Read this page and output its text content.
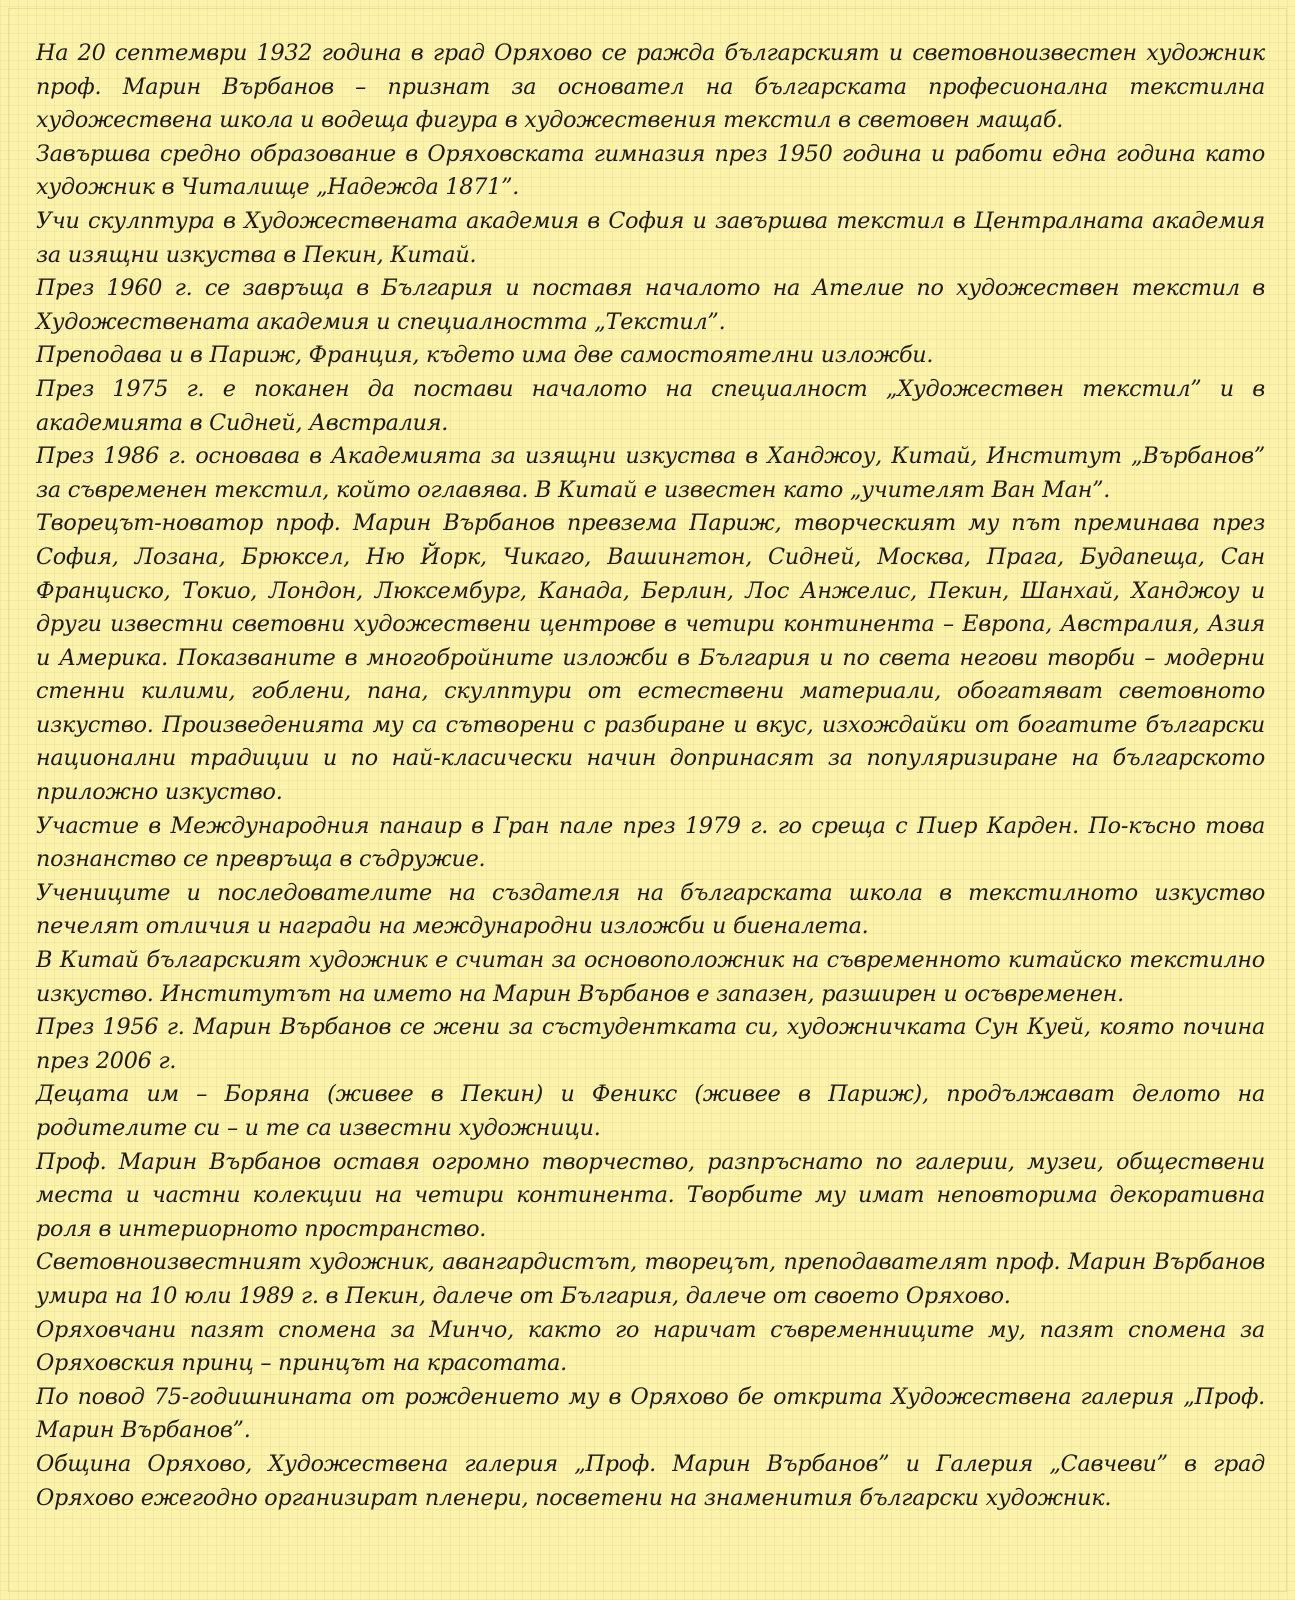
На 20 септември 1932 година в град Оряхово се ражда българският и световноизвестен художник проф. Марин Върбанов – признат за основател на българската професионална текстилна художествена школа и водеща фигура в художествения текстил в световен мащаб.

Завършва средно образование в Оряховската гимназия през 1950 година и работи една година като художник в Читалище „Надежда 1871”.

Учи скулптура в Художествената академия в София и завършва текстил в Централната академия за изящни изкуства в Пекин, Китай.

През 1960 г. се завръща в България и поставя началото на Ателие по художествен текстил в Художествената академия и специалността „Текстил”.

Преподава и в Париж, Франция, където има две самостоятелни изложби.

През 1975 г. е поканен да постави началото на специалност „Художествен текстил” и в академията в Сидней, Австралия.

През 1986 г. основава в Академията за изящни изкуства в Ханджоу, Китай, Институт „Върбанов” за съвременен текстил, който оглавява. В Китай е известен като „учителят Ван Ман”.

Творецът-новатор проф. Марин Върбанов превзема Париж, творческият му път преминава през София, Лозана, Брюксел, Ню Йорк, Чикаго, Вашингтон, Сидней, Москва, Прага, Будапеща, Сан Франциско, Токио, Лондон, Люксембург, Канада, Берлин, Лос Анжелис, Пекин, Шанхай, Ханджоу и други известни световни художествени центрове в четири континента – Европа, Австралия, Азия и Америка. Показваните в многобройните изложби в България и по света негови творби – модерни стенни килими, гоблени, пана, скулптури от естествени материали, обогатяват световното изкуство. Произведенията му са сътворени с разбиране и вкус, изхождайки от богатите български национални традиции и по най-класически начин допринасят за популяризиране на българското приложно изкуство.

Участие в Международния панаир в Гран пале през 1979 г. го среща с Пиер Карден. По-късно това познанство се превръща в съдружие.

Учениците и последователите на създателя на българската школа в текстилното изкуство печелят отличия и награди на международни изложби и биеналета.

В Китай българският художник е считан за основоположник на съвременното китайско текстилно изкуство. Институтът на името на Марин Върбанов е запазен, разширен и осъвременен.

През 1956 г. Марин Върбанов се жени за състудентката си, художничката Сун Куей, която почина през 2006 г.

Децата им – Боряна (живее в Пекин) и Феникс (живее в Париж), продължават делото на родителите си – и те са известни художници.

Проф. Марин Върбанов оставя огромно творчество, разпръснато по галерии, музеи, обществени места и частни колекции на четири континента. Творбите му имат неповторима декоративна роля в интериорното пространство.

Световноизвестният художник, авангардистът, творецът, преподавателят проф. Марин Върбанов умира на 10 юли 1989 г. в Пекин, далече от България, далече от своето Оряхово.

Оряховчани пазят спомена за Минчо, както го наричат съвременниците му, пазят спомена за Оряховския принц – принцът на красотата.

По повод 75-годишнината от рождението му в Оряхово бе открита Художествена галерия „Проф. Марин Върбанов”.

Община Оряхово, Художествена галерия „Проф. Марин Върбанов” и Галерия „Савчеви” в град Оряхово ежегодно организират пленери, посветени на знаменития български художник.
